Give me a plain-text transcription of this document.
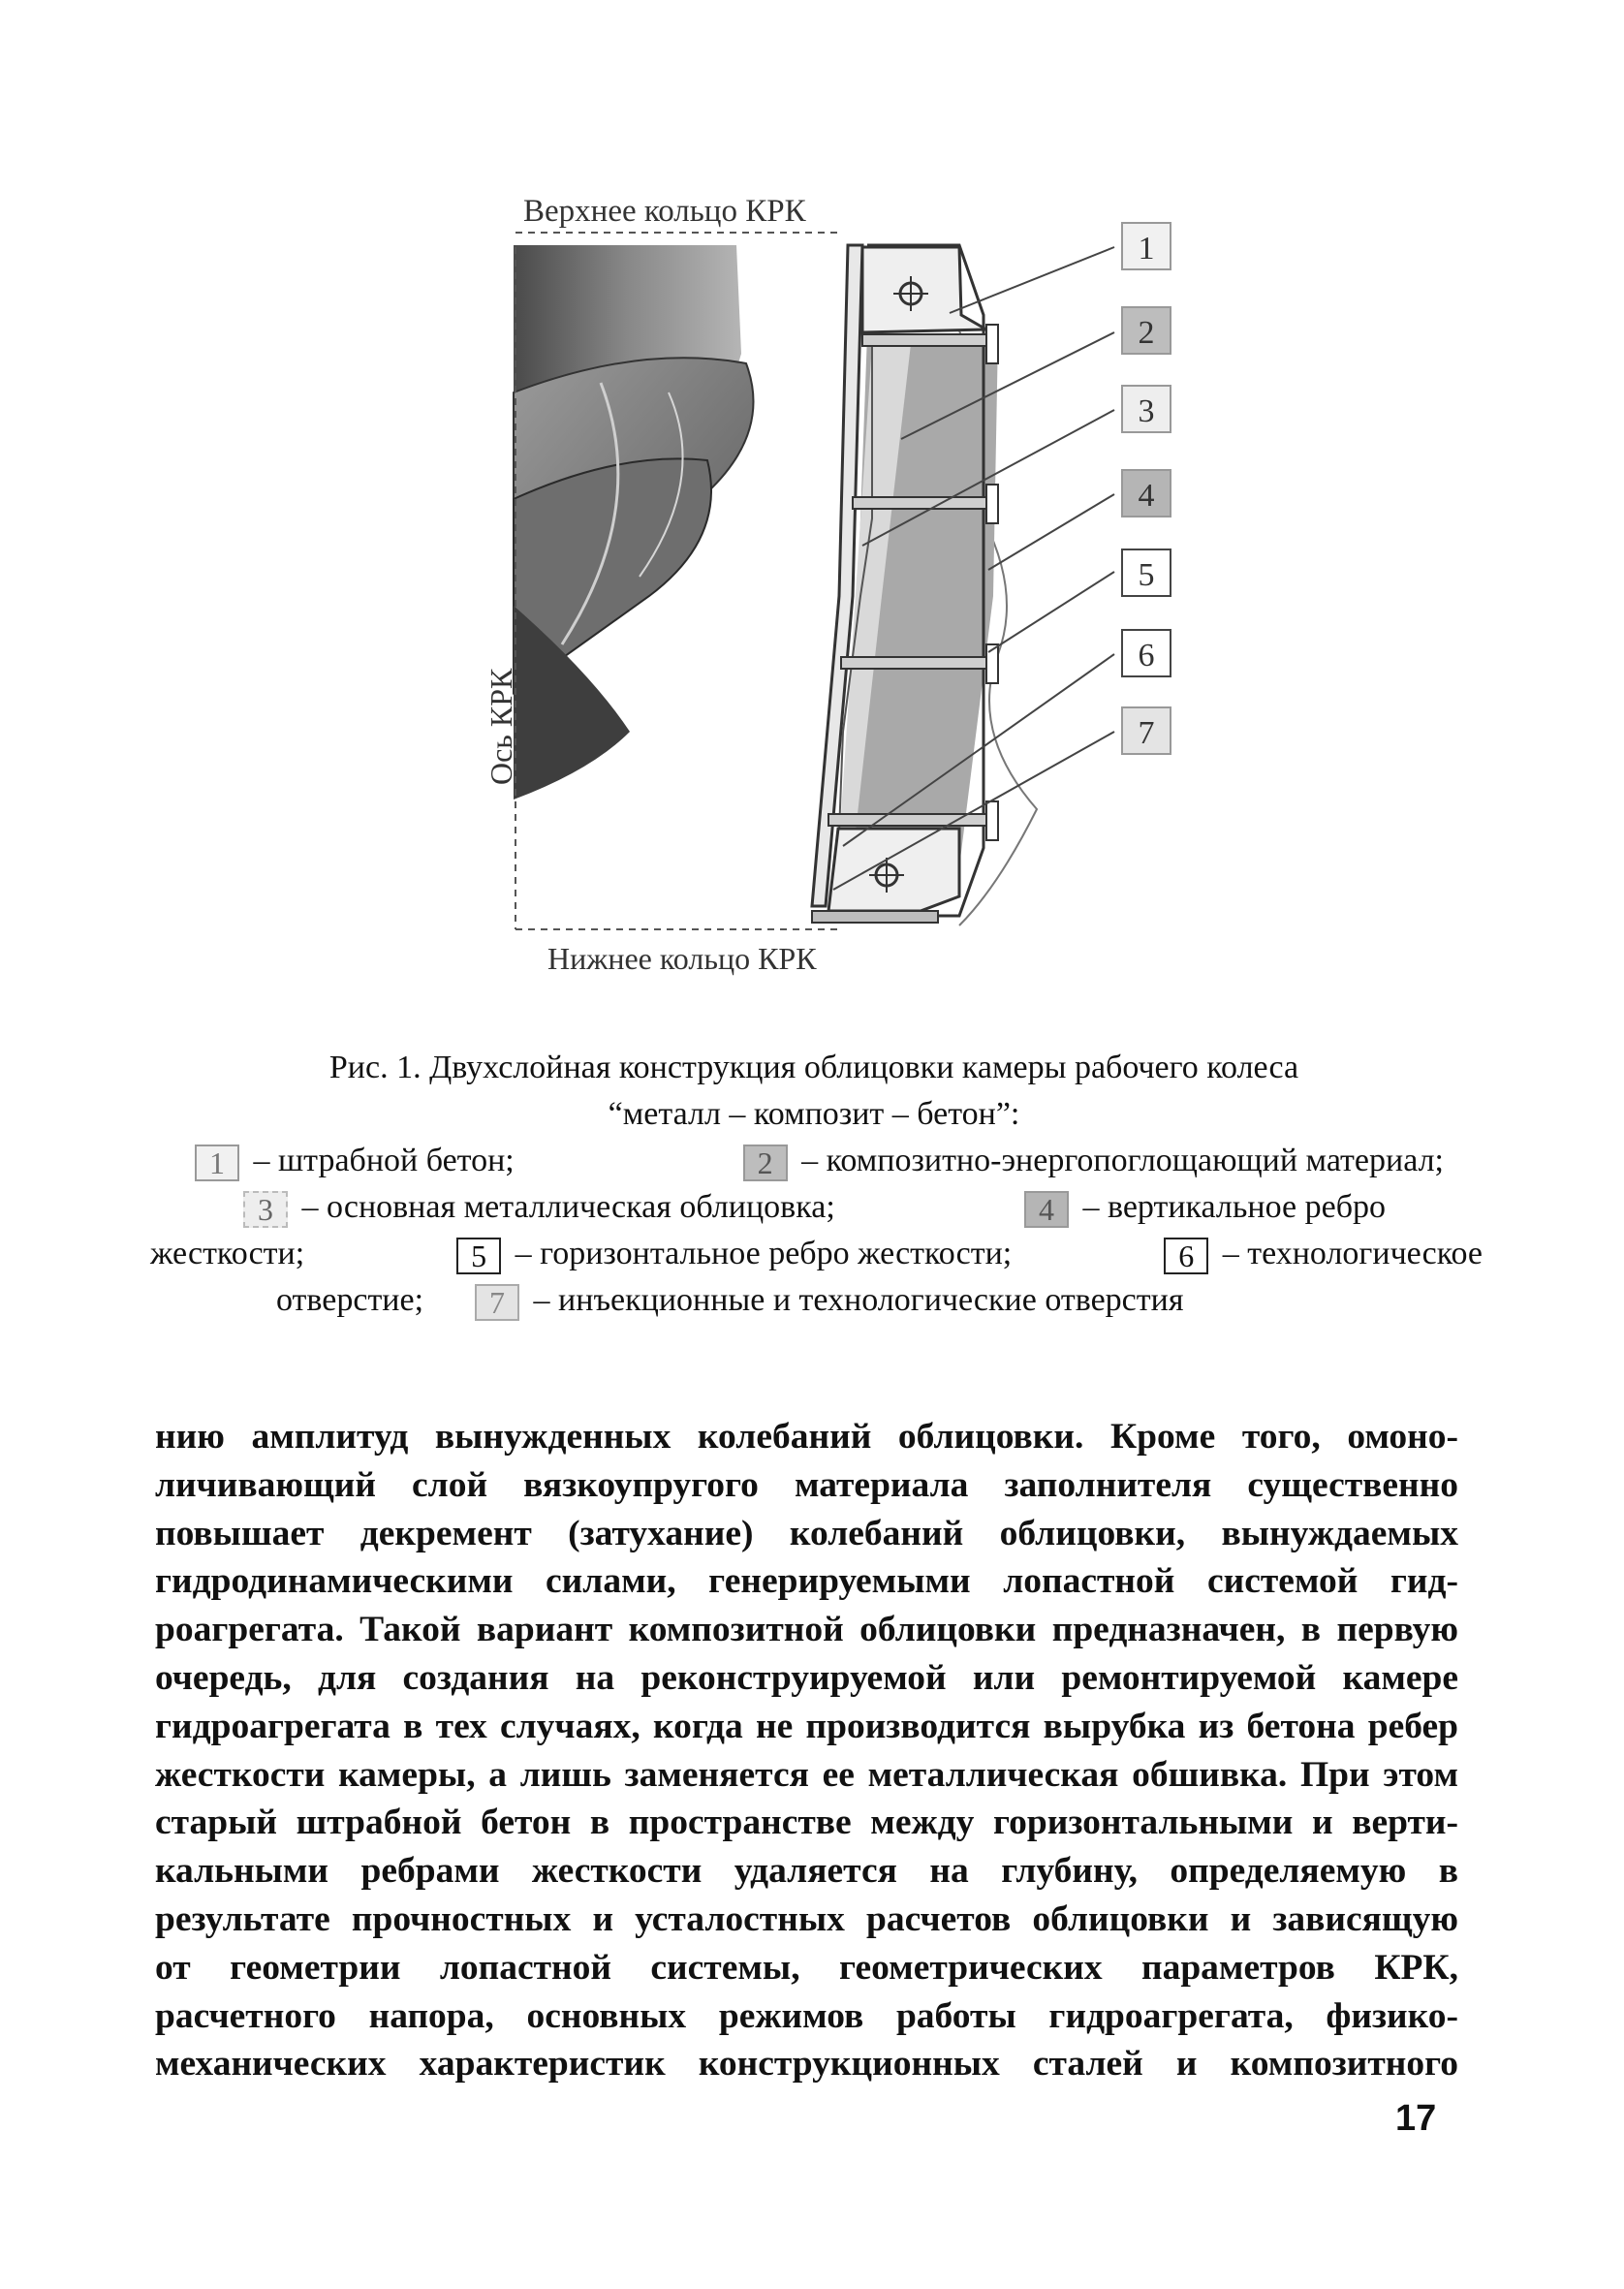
Верхнее кольцо КРК
Ось КРК
Нижнее кольцо КРК
1
2
3
4
5
6
7
Рис. 1. Двухслойная конструкция облицовки камеры рабочего колеса
“металл – композит – бетон”:
1 – штрабной бетон;	2 – композитно-энергопоглощающий материал;
3 – основная металлическая облицовка;	4 – вертикальное ребро
жесткости;	5 – горизонтальное ребро жесткости;	6 – технологическое
отверстие; 7 – инъекционные и технологические отверстия
нию амплитуд вынужденных колебаний облицовки. Кроме того, омоно-
личивающий слой вязкоупругого материала заполнителя существенно
повышает декремент (затухание) колебаний облицовки, вынуждаемых
гидродинамическими силами, генерируемыми лопастной системой гид-
роагрегата. Такой вариант композитной облицовки предназначен, в первую
очередь, для создания на реконструируемой или ремонтируемой камере
гидроагрегата в тех случаях, когда не производится вырубка из бетона ребер
жесткости камеры, а лишь заменяется ее металлическая обшивка. При этом
старый штрабной бетон в пространстве между горизонтальными и верти-
кальными ребрами жесткости удаляется на глубину, определяемую в
результате прочностных и усталостных расчетов облицовки и зависящую
от геометрии лопастной системы, геометрических параметров КРК,
расчетного напора, основных режимов работы гидроагрегата, физико-
механических характеристик конструкционных сталей и композитного
17
